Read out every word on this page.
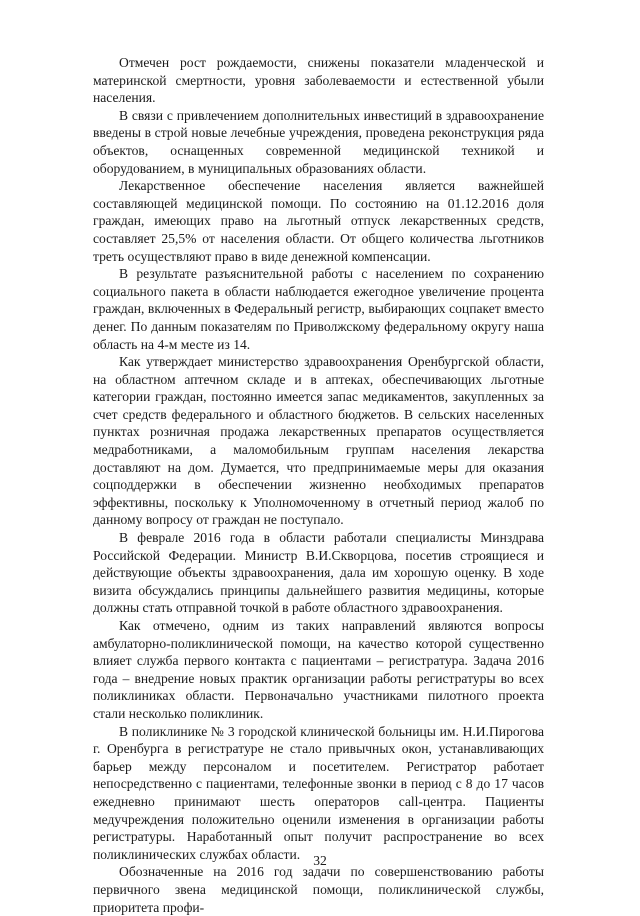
Отмечен рост рождаемости, снижены показатели младенческой и материнской смертности, уровня заболеваемости и естественной убыли населения.

В связи с привлечением дополнительных инвестиций в здравоохранение введены в строй новые лечебные учреждения, проведена реконструкция ряда объектов, оснащенных современной медицинской техникой и оборудованием, в муниципальных образованиях области.

Лекарственное обеспечение населения является важнейшей составляющей медицинской помощи. По состоянию на 01.12.2016 доля граждан, имеющих право на льготный отпуск лекарственных средств, составляет 25,5% от населения области. От общего количества льготников треть осуществляют право в виде денежной компенсации.

В результате разъяснительной работы с населением по сохранению социального пакета в области наблюдается ежегодное увеличение процента граждан, включенных в Федеральный регистр, выбирающих соцпакет вместо денег. По данным показателям по Приволжскому федеральному округу наша область на 4-м месте из 14.

Как утверждает министерство здравоохранения Оренбургской области, на областном аптечном складе и в аптеках, обеспечивающих льготные категории граждан, постоянно имеется запас медикаментов, закупленных за счет средств федерального и областного бюджетов. В сельских населенных пунктах розничная продажа лекарственных препаратов осуществляется медработниками, а маломобильным группам населения лекарства доставляют на дом. Думается, что предпринимаемые меры для оказания соцподдержки в обеспечении жизненно необходимых препаратов эффективны, поскольку к Уполномоченному в отчетный период жалоб по данному вопросу от граждан не поступало.

В феврале 2016 года в области работали специалисты Минздрава Российской Федерации. Министр В.И.Скворцова, посетив строящиеся и действующие объекты здравоохранения, дала им хорошую оценку. В ходе визита обсуждались принципы дальнейшего развития медицины, которые должны стать отправной точкой в работе областного здравоохранения.

Как отмечено, одним из таких направлений являются вопросы амбулаторно-поликлинической помощи, на качество которой существенно влияет служба первого контакта с пациентами – регистратура. Задача 2016 года – внедрение новых практик организации работы регистратуры во всех поликлиниках области. Первоначально участниками пилотного проекта стали несколько поликлиник.

В поликлинике № 3 городской клинической больницы им. Н.И.Пирогова г. Оренбурга в регистратуре не стало привычных окон, устанавливающих барьер между персоналом и посетителем. Регистратор работает непосредственно с пациентами, телефонные звонки в период с 8 до 17 часов ежедневно принимают шесть операторов call-центра. Пациенты медучреждения положительно оценили изменения в организации работы регистратуры. Наработанный опыт получит распространение во всех поликлинических службах области.

Обозначенные на 2016 год задачи по совершенствованию работы первичного звена медицинской помощи, поликлинической службы, приоритета профи-

32
